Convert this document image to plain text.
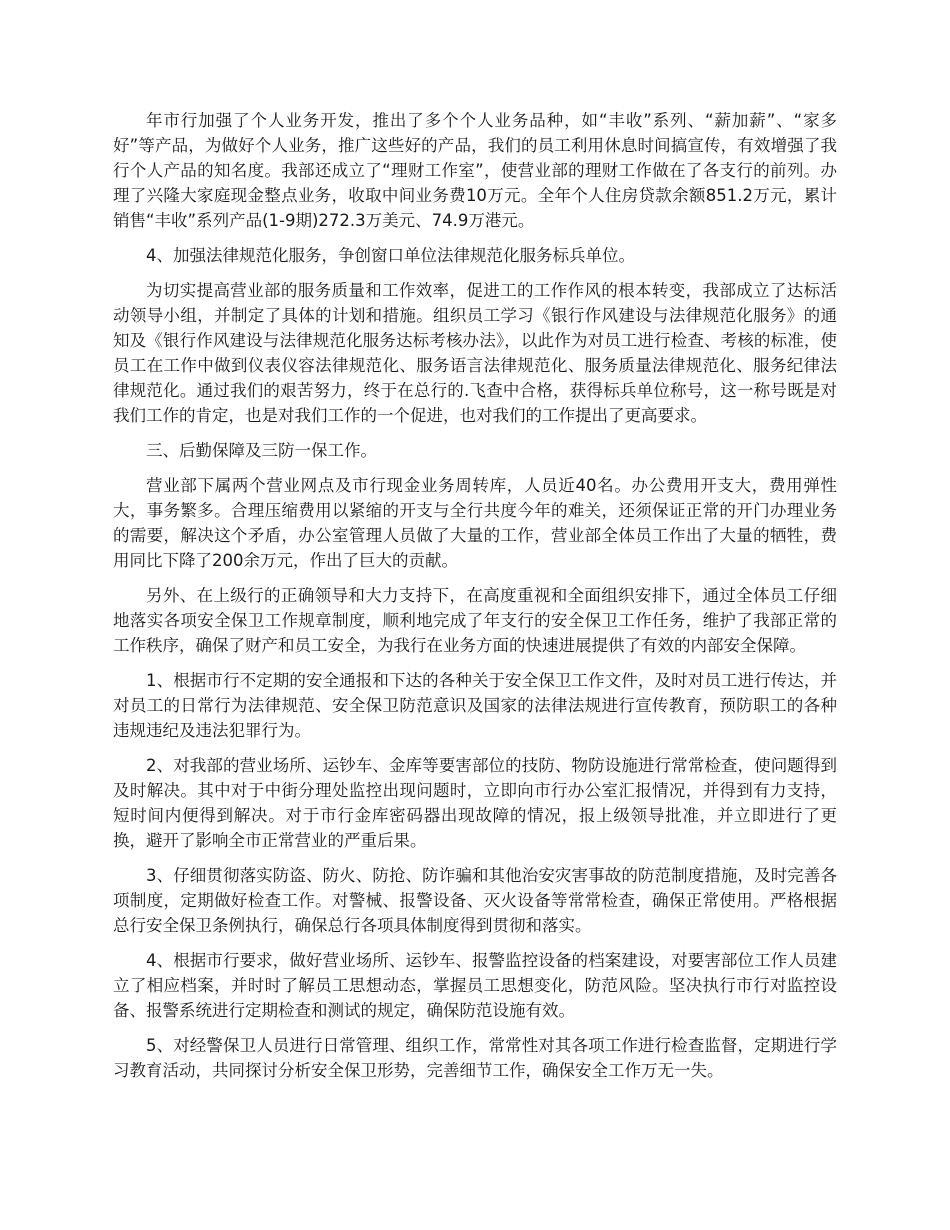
年市行加强了个人业务开发，推出了多个个人业务品种，如“丰收”系列、“薪加薪”、“家多好”等产品，为做好个人业务，推广这些好的产品，我们的员工利用休息时间搞宣传，有效增强了我行个人产品的知名度。我部还成立了“理财工作室”，使营业部的理财工作做在了各支行的前列。办理了兴隆大家庭现金整点业务，收取中间业务费10万元。全年个人住房贷款余额851.2万元，累计销售“丰收”系列产品(1-9期)272.3万美元、74.9万港元。

4、加强法律规范化服务，争创窗口单位法律规范化服务标兵单位。

为切实提高营业部的服务质量和工作效率，促进工的工作作风的根本转变，我部成立了达标活动领导小组，并制定了具体的计划和措施。组织员工学习《银行作风建设与法律规范化服务》的通知及《银行作风建设与法律规范化服务达标考核办法》，以此作为对员工进行检查、考核的标准，使员工在工作中做到仪表仪容法律规范化、服务语言法律规范化、服务质量法律规范化、服务纪律法律规范化。通过我们的艰苦努力，终于在总行的.飞查中合格，获得标兵单位称号，这一称号既是对我们工作的肯定，也是对我们工作的一个促进，也对我们的工作提出了更高要求。

三、后勤保障及三防一保工作。

营业部下属两个营业网点及市行现金业务周转库，人员近40名。办公费用开支大，费用弹性大，事务繁多。合理压缩费用以紧缩的开支与全行共度今年的难关，还须保证正常的开门办理业务的需要，解决这个矛盾，办公室管理人员做了大量的工作，营业部全体员工作出了大量的牺牲，费用同比下降了200余万元，作出了巨大的贡献。

另外、在上级行的正确领导和大力支持下，在高度重视和全面组织安排下，通过全体员工仔细地落实各项安全保卫工作规章制度，顺利地完成了年支行的安全保卫工作任务，维护了我部正常的工作秩序，确保了财产和员工安全，为我行在业务方面的快速进展提供了有效的内部安全保障。

1、根据市行不定期的安全通报和下达的各种关于安全保卫工作文件，及时对员工进行传达，并对员工的日常行为法律规范、安全保卫防范意识及国家的法律法规进行宣传教育，预防职工的各种违规违纪及违法犯罪行为。

2、对我部的营业场所、运钞车、金库等要害部位的技防、物防设施进行常常检查，使问题得到及时解决。其中对于中街分理处监控出现问题时，立即向市行办公室汇报情况，并得到有力支持，短时间内便得到解决。对于市行金库密码器出现故障的情况，报上级领导批准，并立即进行了更换，避开了影响全市正常营业的严重后果。

3、仔细贯彻落实防盗、防火、防抢、防诈骗和其他治安灾害事故的防范制度措施，及时完善各项制度，定期做好检查工作。对警械、报警设备、灭火设备等常常检查，确保正常使用。严格根据总行安全保卫条例执行，确保总行各项具体制度得到贯彻和落实。

4、根据市行要求，做好营业场所、运钞车、报警监控设备的档案建设，对要害部位工作人员建立了相应档案，并时时了解员工思想动态，掌握员工思想变化，防范风险。坚决执行市行对监控设备、报警系统进行定期检查和测试的规定，确保防范设施有效。

5、对经警保卫人员进行日常管理、组织工作，常常性对其各项工作进行检查监督，定期进行学习教育活动，共同探讨分析安全保卫形势，完善细节工作，确保安全工作万无一失。
